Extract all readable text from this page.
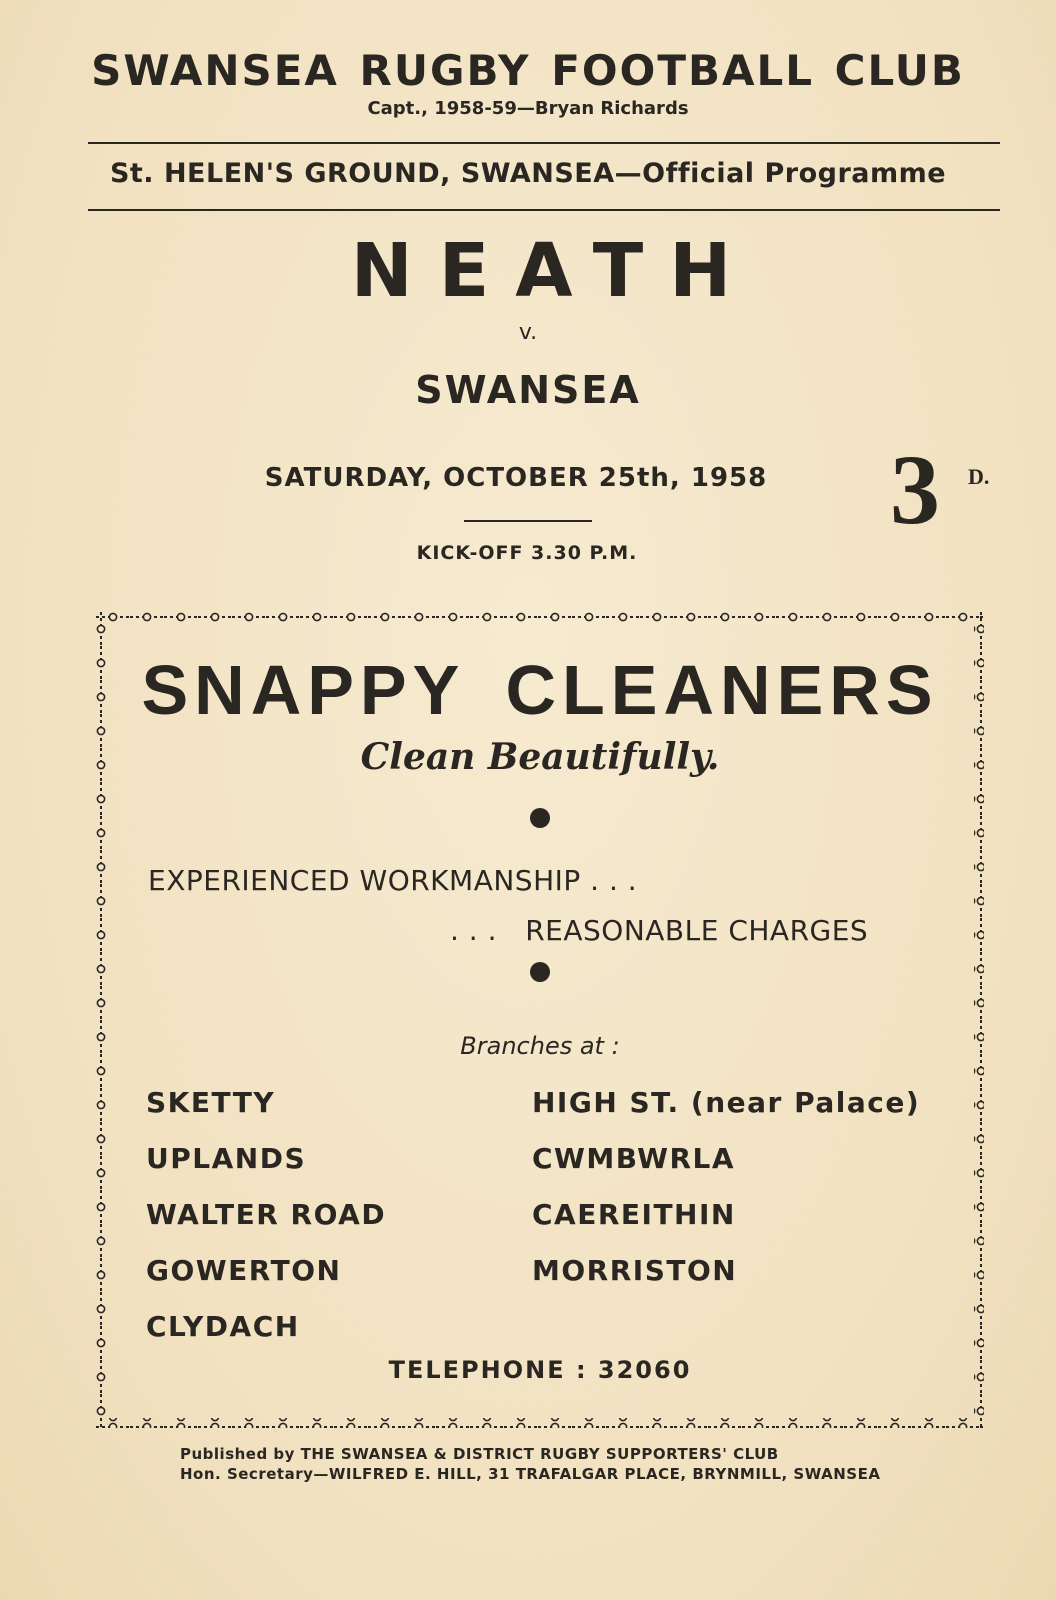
SWANSEA RUGBY FOOTBALL CLUB
Capt., 1958-59—Bryan Richards
St. HELEN'S GROUND, SWANSEA—Official Programme
NEATH
v.
SWANSEA
SATURDAY, OCTOBER 25th, 1958
KICK-OFF 3.30 P.M.
3 D.
SNAPPY CLEANERS
Clean Beautifully.
EXPERIENCED WORKMANSHIP . . .
. . .   REASONABLE CHARGES
Branches at :
SKETTY
UPLANDS
WALTER ROAD
GOWERTON
CLYDACH
HIGH ST. (near Palace)
CWMBWRLA
CAEREITHIN
MORRISTON
TELEPHONE : 32060
Published by THE SWANSEA & DISTRICT RUGBY SUPPORTERS' CLUB
Hon. Secretary—WILFRED E. HILL, 31 TRAFALGAR PLACE, BRYNMILL, SWANSEA
